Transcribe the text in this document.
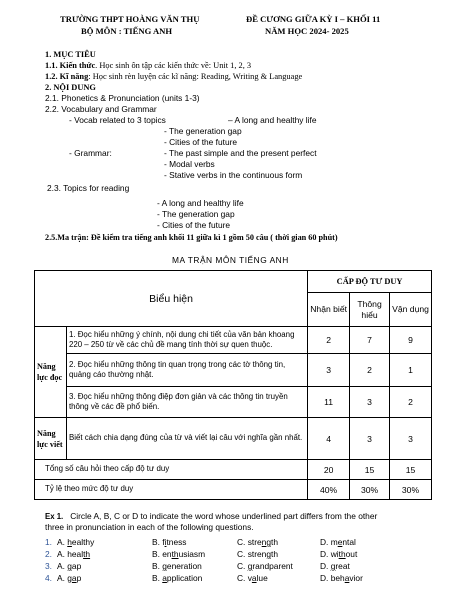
TRƯỜNG THPT HOÀNG VĂN THỤ
BỘ MÔN : TIẾNG ANH
ĐỀ CƯƠNG GIỮA KỲ I – KHỐI 11
NĂM HỌC 2024- 2025
1. MỤC TIÊU
1.1. Kiến thức. Học sinh ôn tập các kiến thức về: Unit 1, 2, 3
1.2. Kĩ năng: Học sinh rèn luyện các kĩ năng: Reading, Writing & Language
2. NỘI DUNG
2.1. Phonetics & Pronunciation (units 1-3)
2.2. Vocabulary and Grammar
- Vocab related to 3 topics	– A long and healthy life
- The generation gap
- Cities of the future
- Grammar:	- The past simple and the present perfect
- Modal verbs
- Stative verbs in the continuous form
2.3. Topics for reading
- A long and healthy life
- The generation gap
- Cities of the future
2.5.Ma trận: Đề kiểm tra tiếng anh khối 11 giữa kì 1 gồm 50 câu ( thời gian 60 phút)
MA TRẬN MÔN TIẾNG ANH
Biểu hiện		CẤP ĐỘ TƯ DUY		
		Nhận biết	Thông hiểu	Vận dụng
Năng lực đọc	1. Đọc hiểu những ý chính, nội dung chi tiết của văn bản khoang 220 – 250 từ về các chủ đề mang tính thời sự quen thuộc.	2	7	9
	2. Đọc hiểu những thông tin quan trọng trong các tờ thông tin, quảng cáo thường nhật.	3	2	1
	3. Đọc hiểu những thông điệp đơn giản và các thông tin truyền thông về các đề phổ biến.	11	3	2
Năng lực viết	Biết cách chia dạng đúng của từ và viết lại câu với nghĩa gần nhất.	4	3	3
Tổng số câu hỏi theo cấp độ tư duy		20	15	15
Tỷ lệ theo mức độ tư duy		40%	30%	30%
Ex 1. Circle A, B, C or D to indicate the word whose underlined part differs from the other
three in pronunciation in each of the following questions.
1. A. healthy	B. fitness	C. strength	D. mental
2. A. health	B. enthusiasm	C. strength	D. without
3. A. gap	B. generation	C. grandparent	D. great
4. A. gap	B. application	C. value	D. behavior
